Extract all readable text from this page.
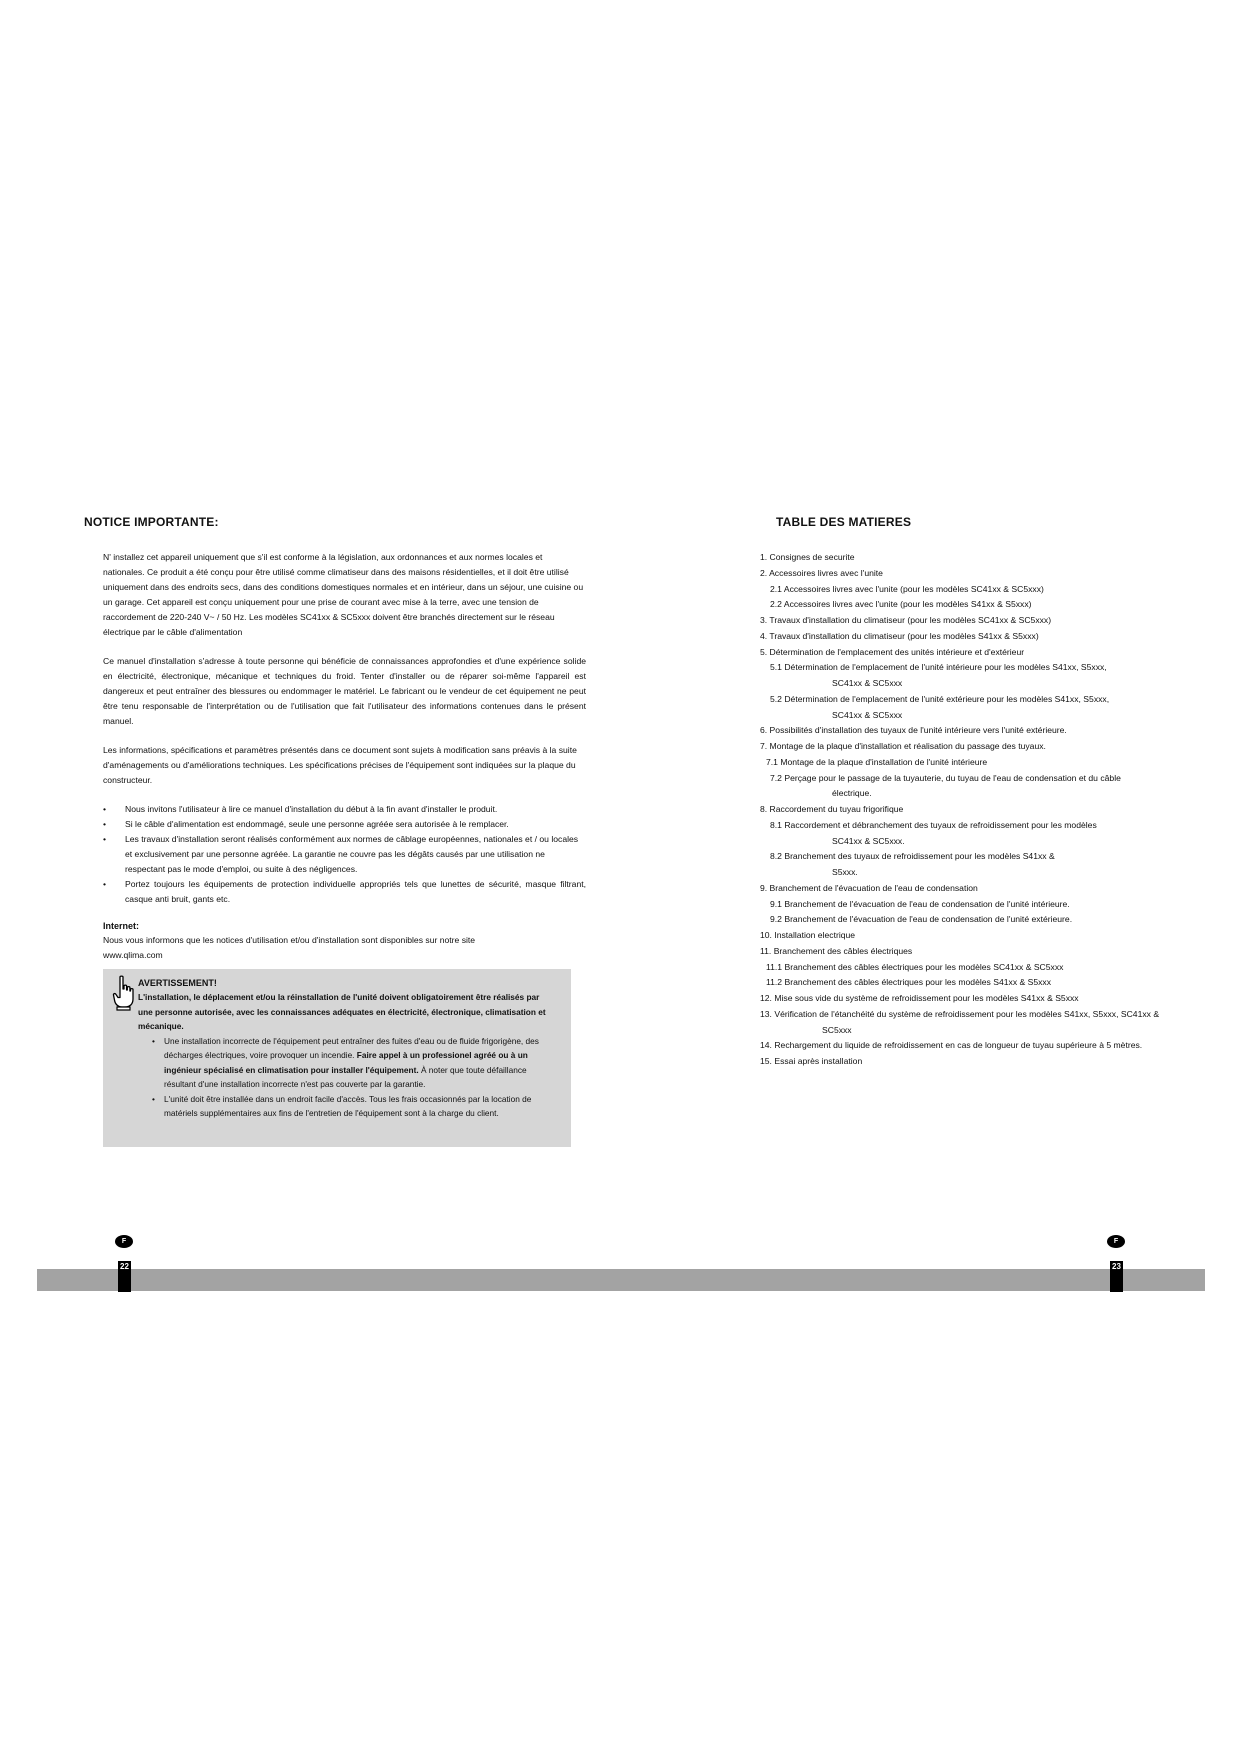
NOTICE IMPORTANTE:

N' installez cet appareil uniquement que s'il est conforme à la législation, aux ordonnances et aux normes locales et nationales. Ce produit a été conçu pour être utilisé comme climatiseur dans des maisons résidentielles, et il doit être utilisé uniquement dans des endroits secs, dans des conditions domestiques normales et en intérieur, dans un séjour, une cuisine ou un garage. Cet appareil est conçu uniquement pour une prise de courant avec mise à la terre, avec une tension de raccordement de 220-240 V~ / 50 Hz. Les modèles SC41xx & SC5xxx doivent être branchés directement sur le réseau électrique par le câble d'alimentation

Ce manuel d'installation s'adresse à toute personne qui bénéficie de connaissances approfondies et d'une expérience solide en électricité, électronique, mécanique et techniques du froid. Tenter d'installer ou de réparer soi-même l'appareil est dangereux et peut entraîner des blessures ou endommager le matériel. Le fabricant ou le vendeur de cet équipement ne peut être tenu responsable de l'interprétation ou de l'utilisation que fait l'utilisateur des informations contenues dans le présent manuel.

Les informations, spécifications et paramètres présentés dans ce document sont sujets à modification sans préavis à la suite d'aménagements ou d'améliorations techniques. Les spécifications précises de l'équipement sont indiquées sur la plaque du constructeur.

• Nous invitons l'utilisateur à lire ce manuel d'installation du début à la fin avant d'installer le produit.
• Si le câble d'alimentation est endommagé, seule une personne agréée sera autorisée à le remplacer.
• Les travaux d'installation seront réalisés conformément aux normes de câblage européennes, nationales et / ou locales et exclusivement par une personne agréée. La garantie ne couvre pas les dégâts causés par une utilisation ne respectant pas le mode d'emploi, ou suite à des négligences.
• Portez toujours les équipements de protection individuelle appropriés tels que lunettes de sécurité, masque filtrant, casque anti bruit, gants etc.
Internet:

Nous vous informons que les notices d'utilisation et/ou d'installation sont disponibles sur notre site

www.qlima.com

AVERTISSEMENT!

L'installation, le déplacement et/ou la réinstallation de l'unité doivent obligatoirement être réalisés par une personne autorisée, avec les connaissances adéquates en électricité, électronique, climatisation et mécanique.

• Une installation incorrecte de l'équipement peut entraîner des fuites d'eau ou de fluide frigorigène, des décharges électriques, voire provoquer un incendie. Faire appel à un professionel agréé ou à un ingénieur spécialisé en climatisation pour installer l'équipement. À noter que toute défaillance résultant d'une installation incorrecte n'est pas couverte par la garantie.
• L'unité doit être installée dans un endroit facile d'accès. Tous les frais occasionnés par la location de matériels supplémentaires aux fins de l'entretien de l'équipement sont à la charge du client.
TABLE DES MATIERES
1. Consignes de securite
2. Accessoires livres avec l'unite
2.1 Accessoires livres avec l'unite (pour les modèles SC41xx & SC5xxx)
2.2 Accessoires livres avec l'unite (pour les modèles S41xx & S5xxx)
3. Travaux d'installation du climatiseur (pour les modèles SC41xx & SC5xxx)
4. Travaux d'installation du climatiseur (pour les modèles S41xx & S5xxx)
5. Détermination de l'emplacement des unités intérieure et d'extérieur
5.1 Détermination de l'emplacement de l'unité intérieure pour les modèles S41xx, S5xxx, SC41xx & SC5xxx
5.2 Détermination de l'emplacement de l'unité extérieure pour les modèles S41xx, S5xxx, SC41xx & SC5xxx
6. Possibilités d'installation des tuyaux de l'unité intérieure vers l'unité extérieure.
7. Montage de la plaque d'installation et réalisation du passage des tuyaux.
7.1 Montage de la plaque d'installation de l'unité intérieure
7.2 Perçage pour le passage de la tuyauterie, du tuyau de l'eau de condensation et du câble électrique.
8. Raccordement du tuyau frigorifique
8.1 Raccordement et débranchement des tuyaux de refroidissement pour les modèles SC41xx & SC5xxx.
8.2 Branchement des tuyaux de refroidissement pour les modèles S41xx & S5xxx.
9. Branchement de l'évacuation de l'eau de condensation
9.1 Branchement de l'évacuation de l'eau de condensation de l'unité intérieure.
9.2 Branchement de l'évacuation de l'eau de condensation de l'unité extérieure.
10. Installation electrique
11. Branchement des câbles électriques
11.1 Branchement des câbles électriques pour les modèles SC41xx & SC5xxx
11.2 Branchement des câbles électriques pour les modèles S41xx & S5xxx
12. Mise sous vide du système de refroidissement pour les modèles S41xx & S5xxx
13. Vérification de l'étanchéité du système de refroidissement pour les modèles S41xx, S5xxx, SC41xx & SC5xxx
14. Rechargement du liquide de refroidissement en cas de longueur de tuyau supérieure à 5 mètres.
15. Essai après installation
F	F
22	23
